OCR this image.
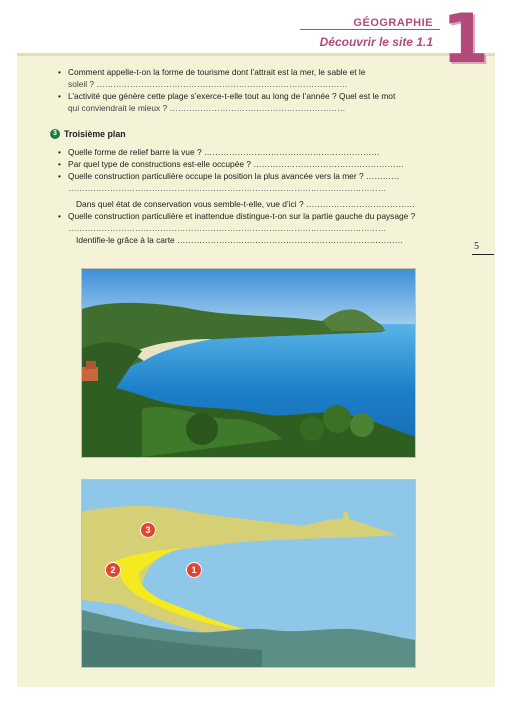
GÉOGRAPHIE
Découvrir le site 1.1 1
• Comment appelle-t-on la forme de tourisme dont l’attrait est la mer, le sable et le
soleil ? ………………………………………………………………………………
• L’activité que génère cette plage s’exerce-t-elle tout au long de l’année ? Quel est le mot
qui conviendrait le mieux ? ………………………………………………………
3 Troisième plan
• Quelle forme de relief barre la vue ? ………………………………………………………
• Par quel type de constructions est-elle occupée ? ………………………………………………
• Quelle construction particulière occupe la position la plus avancée vers la mer ? …………
……………………………………………………………………………………………………
Dans quel état de conservation vous semble-t-elle, vue d’ici ? …………………………………
• Quelle construction particulière et inattendue distingue-t-on sur la partie gauche du paysage ?
……………………………………………………………………………………………………
Identifie-le grâce à la carte ………………………………………………………………………
5
1
2
3
